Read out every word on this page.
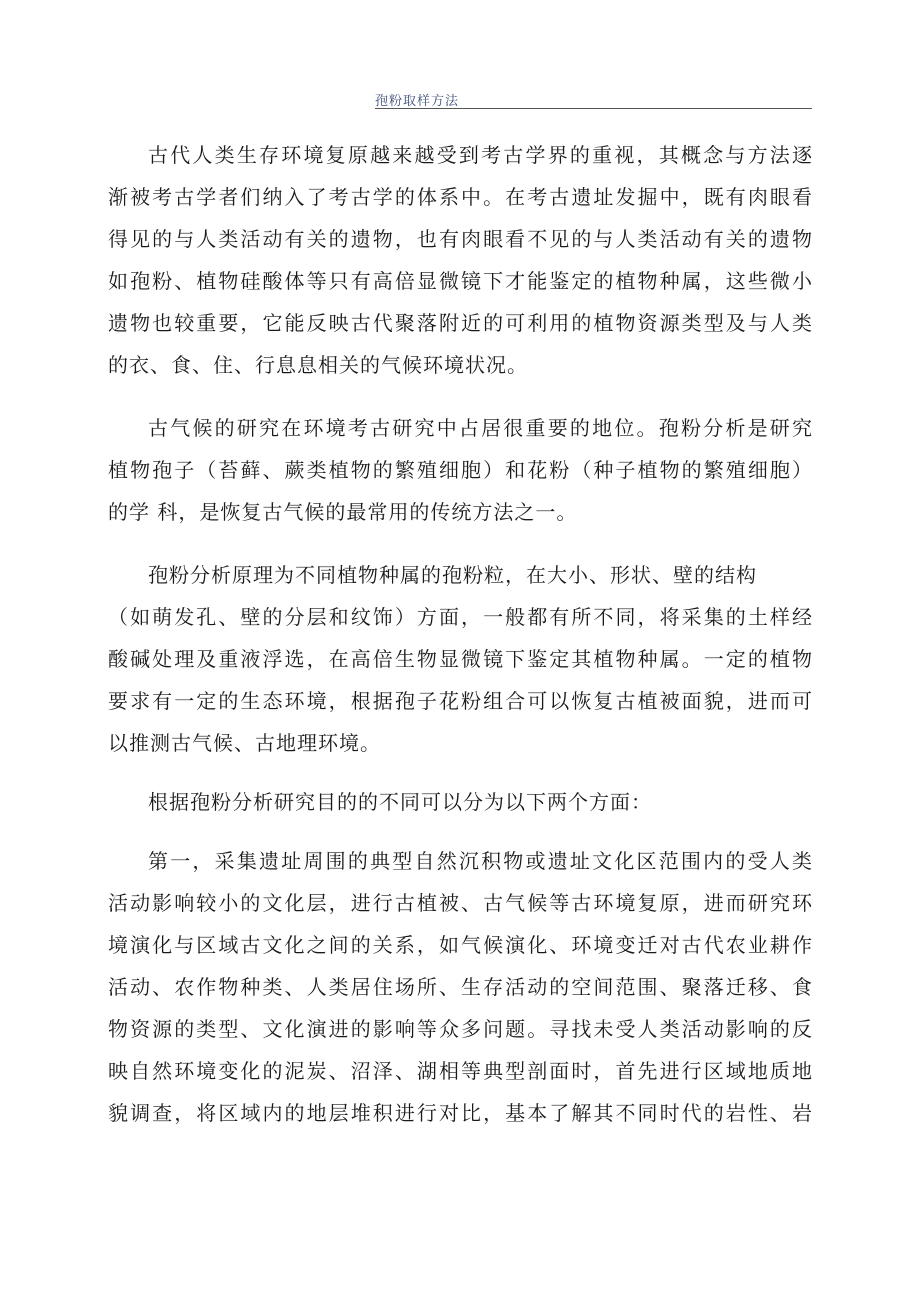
孢粉取样方法
古代人类生存环境复原越来越受到考古学界的重视，其概念与方法逐
渐被考古学者们纳入了考古学的体系中。在考古遗址发掘中，既有肉眼看
得见的与人类活动有关的遗物，也有肉眼看不见的与人类活动有关的遗物
如孢粉、植物硅酸体等只有高倍显微镜下才能鉴定的植物种属，这些微小
遗物也较重要，它能反映古代聚落附近的可利用的植物资源类型及与人类
的衣、食、住、行息息相关的气候环境状况。
古气候的研究在环境考古研究中占居很重要的地位。孢粉分析是研究
植物孢子（苔藓、蕨类植物的繁殖细胞）和花粉（种子植物的繁殖细胞）
的学 科，是恢复古气候的最常用的传统方法之一。
孢粉分析原理为不同植物种属的孢粉粒，在大小、形状、壁的结构
（如萌发孔、壁的分层和纹饰）方面，一般都有所不同，将采集的土样经
酸碱处理及重液浮选，在高倍生物显微镜下鉴定其植物种属。一定的植物
要求有一定的生态环境，根据孢子花粉组合可以恢复古植被面貌，进而可
以推测古气候、古地理环境。
根据孢粉分析研究目的的不同可以分为以下两个方面：
第一，采集遗址周围的典型自然沉积物或遗址文化区范围内的受人类
活动影响较小的文化层，进行古植被、古气候等古环境复原，进而研究环
境演化与区域古文化之间的关系，如气候演化、环境变迁对古代农业耕作
活动、农作物种类、人类居住场所、生存活动的空间范围、聚落迁移、食
物资源的类型、文化演进的影响等众多问题。寻找未受人类活动影响的反
映自然环境变化的泥炭、沼泽、湖相等典型剖面时，首先进行区域地质地
貌调查，将区域内的地层堆积进行对比，基本了解其不同时代的岩性、岩
